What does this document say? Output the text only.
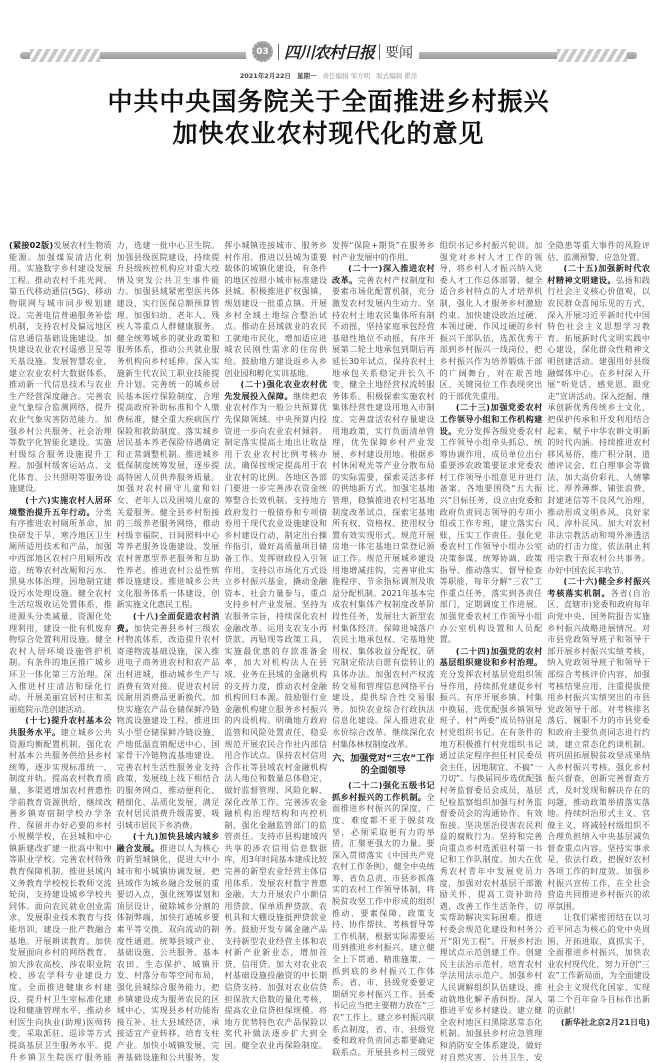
03 四川农村日报 要闻
2021年2月22日 星期一 责任编辑 邹方明 版式编辑 瞿洋
中共中央国务院关于全面推进乡村振兴
加快农业农村现代化的意见

(紧接02版)发展农村生物质能源。加强煤炭清洁化利用。实施数字乡村建设发展工程。推动农村千兆光网、第五代移动通信(5G)、移动物联网与城市同步规划建设。完善电信普遍服务补偿机制，支持农村及偏远地区信息通信基础设施建设。加快建设农业农村遥感卫星等天基设施。发展智慧农业，建立农业农村大数据体系，推动新一代信息技术与农业生产经营深度融合。完善农业气象综合监测网络，提升农业气象灾害防范能力。加强乡村公共服务、社会治理等数字化智能化建设。实施村级综合服务设施提升工程。加强村级客运站点、文化体育、公共照明等服务设施建设。

(十六)实施农村人居环境整治提升五年行动。分类有序推进农村厕所革命，加快研发干旱、寒冷地区卫生厕所适用技术和产品，加强中西部地区农村户用厕所改造。统筹农村改厕和污水、黑臭水体治理，因地制宜建设污水处理设施。健全农村生活垃圾收运处置体系，推进源头分类减量、资源化处理利用，建设一批有机废弃物综合处置利用设施。健全农村人居环境设施管护机制。有条件的地区推广城乡环卫一体化第三方治理。深入推进村庄清洁和绿化行动。开展美丽宜居村庄和美丽庭院示范创建活动。

(十七)提升农村基本公共服务水平。建立城乡公共资源均衡配置机制，强化农村基本公共服务供给县乡村统筹，逐步实现标准统一、制度并轨。提高农村教育质量，多渠道增加农村普惠性学前教育资源供给，继续改善乡镇寄宿制学校办学条件，保留并办好必要的乡村小规模学校，在县城和中心镇新建改扩建一批高中和中等职业学校。完善农村特殊教育保障机制。推进县域内义务教育学校校长教师交流轮岗，支持建设城乡学校共同体。面向农民就业创业需求，发展职业技术教育与技能培训，建设一批产教融合基地。开展耕读教育。加快发展面向乡村的网络教育。加大涉农高校、涉农职业院校、涉农学科专业建设力度。全面推进健康乡村建设，提升村卫生室标准化建设和健康管理水平，推动乡村医生向执业(助理)医师转变，采取派驻、巡诊等方式提高基层卫生服务水平。提升乡镇卫生院医疗服务能力，选建一批中心卫生院。加强县级医院建设，持续提升县级疾控机构应对重大疫情及突发公共卫生事件能力。加强县域紧密型医共体建设，实行医保总额预算管理。加强妇幼、老年人、残疾人等重点人群健康服务。健全统筹城乡的就业政策和服务体系，推动公共就业服务机构向乡村延伸。深入实施新生代农民工职业技能提升计划。完善统一的城乡居民基本医疗保险制度，合理提高政府补助标准和个人缴费标准，健全重大疾病医疗保险和救助制度。落实城乡居民基本养老保险待遇确定和正常调整机制。推进城乡低保制度统筹发展，逐步提高特困人员供养服务质量。加强对农村留守儿童和妇女、老年人以及困境儿童的关爱服务。健全县乡村衔接的三级养老服务网络，推动村级幸福院、日间照料中心等养老服务设施建设，发展农村普惠型养老服务和互助性养老。推进农村公益性殡葬设施建设。推进城乡公共文化服务体系一体建设，创新实施文化惠民工程。

(十八)全面促进农村消费。加快完善县乡村三级农村物流体系，改造提升农村寄递物流基础设施，深入推进电子商务进农村和农产品出村进城，推动城乡生产与消费有效对接。促进农村居民耐用消费品更新换代。加快实施农产品仓储保鲜冷链物流设施建设工程，推进田头小型仓储保鲜冷链设施、产地低温直销配送中心、国家骨干冷链物流基地建设。完善农村生活性服务业支持政策，发展线上线下相结合的服务网点，推动便利化、精细化、品质化发展，满足农村居民消费升级需要，吸引城市居民下乡消费。

(十九)加快县域内城乡融合发展。推进以人为核心的新型城镇化，促进大中小城市和小城镇协调发展。把县域作为城乡融合发展的重要切入点，强化统筹谋划和顶层设计，破除城乡分割的体制弊端，加快打通城乡要素平等交换、双向流动的制度性通道。统筹县域产业、基础设施、公共服务、基本农田、生态保护、城镇开发、村落分布等空间布局，强化县城综合服务能力，把乡镇建设成为服务农民的区域中心，实现县乡村功能衔接互补。壮大县域经济，承接适宜产业转移，培育支柱产业。加快小城镇发展，完善基础设施和公共服务，发挥小城镇连接城市、服务乡村作用。推进以县城为重要载体的城镇化建设，有条件的地区按照小城市标准建设县城。积极推进扩权强镇，规划建设一批重点镇。开展乡村全域土地综合整治试点。推动在县域就业的农民工就地市民化，增加适应进城农民刚性需求的住房供给。鼓励地方建设返乡入乡创业园和孵化实训基地。

(二十)强化农业农村优先发展投入保障。继续把农业农村作为一般公共预算优先保障领域。中央预算内投资进一步向农业农村倾斜。制定落实提高土地出让收益用于农业农村比例考核办法，确保按规定提高用于农业农村的比例。各地区各部门要进一步完善涉农资金统筹整合长效机制。支持地方政府发行一般债券和专项债券用于现代农业设施建设和乡村建设行动，制定出台操作指引，做好高质量项目储备工作。发挥财政投入引领作用，支持以市场化方式设立乡村振兴基金，撬动金融资本、社会力量参与，重点支持乡村产业发展。坚持为农服务宗旨，持续深化农村金融改革。运用支农支小再贷款、再贴现等政策工具，实施最优惠的存款准备金率，加大对机构法人在县域、业务在县域的金融机构的支持力度，推动农村金融机构回归本源。鼓励银行业金融机构建立服务乡村振兴的内设机构。明确地方政府监管和风险处置责任，稳妥规范开展农民合作社内部信用合作试点。保持农村信用合作社等县域农村金融机构法人地位和数量总体稳定，做好监督管理、风险化解、深化改革工作。完善涉农金融机构治理结构和内控机制，强化金融监管部门的监管责任。支持市县构建域内共享的涉农信用信息数据库，用3年时间基本建成比较完善的新型农业经营主体信用体系。发展农村数字普惠金融。大力开展农户小额信用贷款、保单质押贷款、农机具和大棚设施抵押贷款业务。鼓励开发专属金融产品支持新型农业经营主体和农村新产业新业态，增加首贷、信用贷。加大对农业农村基础设施投融资的中长期信贷支持。加强对农业信贷担保放大倍数的量化考核，提高农业信贷担保规模。将地方优势特色农产品保险以奖代补做法逐步扩大到全国。健全农业再保险制度。发挥“保险+期货”在服务乡村产业发展中的作用。

(二十一)深入推进农村改革。完善农村产权制度和要素市场化配置机制，充分激发农村发展内生动力。坚持农村土地农民集体所有制不动摇，坚持家庭承包经营基础性地位不动摇，有序开展第二轮土地承包到期后再延长30年试点，保持农村土地承包关系稳定并长久不变，健全土地经营权流转服务体系。积极探索实施农村集体经营性建设用地入市制度。完善盘活农村存量建设用地政策，实行负面清单管理，优先保障乡村产业发展、乡村建设用地。根据乡村休闲观光等产业分散布局的实际需要，探索灵活多样的供地新方式。加强宅基地管理，稳慎推进农村宅基地制度改革试点，探索宅基地所有权、资格权、使用权分置有效实现形式。规范开展房地一体宅基地日常登记颁证工作。规范开展城乡建设用地增减挂钩，完善审批实施程序、节余指标调剂及收益分配机制。2021年基本完成农村集体产权制度改革阶段性任务，发展壮大新型农村集体经济。保障进城落户农民土地承包权、宅基地使用权、集体收益分配权，研究制定依法自愿有偿转让的具体办法。加强农村产权流转交易和管理信息网络平台建设，提供综合性交易服务。加快农业综合行政执法信息化建设。深入推进农业水价综合改革。继续深化农村集体林权制度改革。

六、加强党对“三农”工作的全面领导

(二十二)强化五级书记抓乡村振兴的工作机制。全面推进乡村振兴的深度、广度、难度都不亚于脱贫攻坚，必须采取更有力的举措，汇聚更强大的力量。要深入贯彻落实《中国共产党农村工作条例》，健全中央统筹、省负总责、市县乡抓落实的农村工作领导体制，将脱贫攻坚工作中形成的组织推动、要素保障、政策支持、协作帮扶、考核督导等工作机制，根据实际需要运用到推进乡村振兴，建立健全上下贯通、精准施策、一抓到底的乡村振兴工作体系。省、市、县级党委要定期研究乡村振兴工作。县委书记应当把主要精力放在“三农”工作上。建立乡村振兴联系点制度，省、市、县级党委和政府负责同志都要确定联系点。开展县乡村三级党组织书记乡村振兴轮训。加强党对乡村人才工作的领导，将乡村人才振兴纳入党委人才工作总体部署，健全适合乡村特点的人才培养机制，强化人才服务乡村激励约束。加快建设政治过硬、本领过硬、作风过硬的乡村振兴干部队伍，选派优秀干部到乡村振兴一线岗位，把乡村振兴作为培养锻炼干部的广阔舞台，对在艰苦地区、关键岗位工作表现突出的干部优先重用。

(二十三)加强党委农村工作领导小组和工作机构建设。充分发挥各级党委农村工作领导小组牵头抓总、统筹协调作用，成员单位出台重要涉农政策要征求党委农村工作领导小组意见并进行备案。各地要围绕“五大振兴”目标任务，设立由党委和政府负责同志领导的专项小组或工作专班，建立落实台账，压实工作责任。强化党委农村工作领导小组办公室决策参谋、统筹协调、政策指导、推动落实、督导检查等职能，每年分解“三农”工作重点任务，落实到各责任部门，定期调度工作进展。加强党委农村工作领导小组办公室机构设置和人员配置。

(二十四)加强党的农村基层组织建设和乡村治理。充分发挥农村基层党组织领导作用，持续抓党建促乡村振兴。有序开展乡镇、村集中换届，选优配强乡镇领导班子、村“两委”成员特别是村党组织书记。在有条件的地方积极推行村党组织书记通过法定程序担任村民委员会主任，因地制宜、不搞“一刀切”。与换届同步选优配强村务监督委员会成员，基层纪检监察组织加强与村务监督委员会的沟通协作、有效衔接。坚决惩治侵害农民利益的腐败行为。坚持和完善向重点乡村选派驻村第一书记和工作队制度。加大在优秀农村青年中发展党员力度，加强对农村基层干部激励关怀，提高工资补助待遇，改善工作生活条件，切实帮助解决实际困难。推进村委会规范化建设和村务公开“阳光工程”。开展乡村治理试点示范创建工作。创建民主法治示范村，培育农村学法用法示范户。加强乡村人民调解组织队伍建设，推动就地化解矛盾纠纷。深入推进平安乡村建设。建立健全农村地区扫黑除恶常态化机制。加强县乡村应急管理和消防安全体系建设，做好对自然灾害、公共卫生、安全隐患等重大事件的风险评估、监测预警、应急处置。

(二十五)加强新时代农村精神文明建设。弘扬和践行社会主义核心价值观，以农民群众喜闻乐见的方式，深入开展习近平新时代中国特色社会主义思想学习教育。拓展新时代文明实践中心建设，深化群众性精神文明创建活动。建强用好县级融媒体中心。在乡村深入开展“听党话、感党恩、跟党走”宣讲活动。深入挖掘、继承创新优秀传统乡土文化，把保护传承和开发利用结合起来，赋予中华农耕文明新的时代内涵。持续推进农村移风易俗，推广积分制、道德评议会、红白理事会等做法，加大高价彩礼、人情攀比、厚养薄葬、铺张浪费、封建迷信等不良风气治理，推动形成文明乡风、良好家风、淳朴民风。加大对农村非法宗教活动和境外渗透活动的打击力度，依法制止利用宗教干预农村公共事务。办好中国农民丰收节。

(二十六)健全乡村振兴考核落实机制。各省(自治区、直辖市)党委和政府每年向党中央、国务院报告实施乡村振兴战略进展情况。对市县党政领导班子和领导干部开展乡村振兴实绩考核，纳入党政领导班子和领导干部综合考核评价内容，加强考核结果应用，注重提拔使用乡村振兴实绩突出的市县党政领导干部。对考核排名落后、履职不力的市县党委和政府主要负责同志进行约谈，建立常态化约谈机制。将巩固拓展脱贫攻坚成果纳入乡村振兴考核。强化乡村振兴督查，创新完善督查方式，及时发现和解决存在的问题，推动政策举措落实落地。持续纠治形式主义、官僚主义，将减轻村级组织不合理负担纳入中央基层减负督查重点内容。坚持实事求是、依法行政，把握好农村各项工作的时度效。加强乡村振兴宣传工作，在全社会营造共同推进乡村振兴的浓厚氛围。

让我们紧密团结在以习近平同志为核心的党中央周围，开拓进取，真抓实干，全面推进乡村振兴，加快农业农村现代化，努力开创“三农”工作新局面，为全面建设社会主义现代化国家、实现第二个百年奋斗目标作出新的贡献！

(新华社北京2月21日电)
